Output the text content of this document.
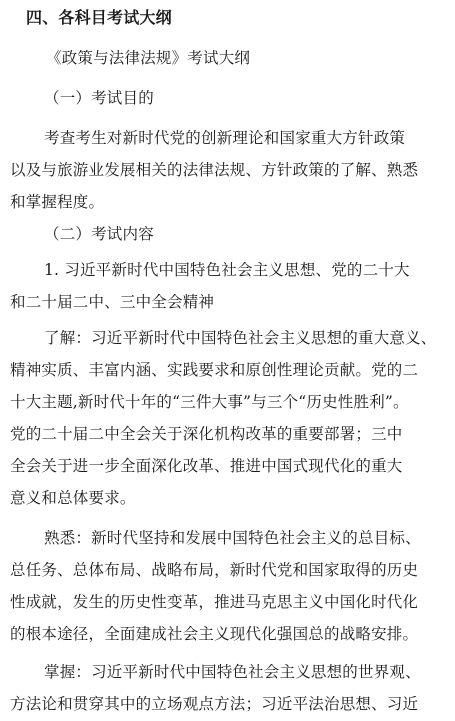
四、各科目考试大纲
《政策与法律法规》考试大纲
（一）考试目的
考查考生对新时代党的创新理论和国家重大方针政策
以及与旅游业发展相关的法律法规、方针政策的了解、熟悉
和掌握程度。
（二）考试内容
1. 习近平新时代中国特色社会主义思想、党的二十大
和二十届二中、三中全会精神
了解：习近平新时代中国特色社会主义思想的重大意义、
精神实质、丰富内涵、实践要求和原创性理论贡献。党的二
十大主题,新时代十年的“三件大事”与三个“历史性胜利”。
党的二十届二中全会关于深化机构改革的重要部署；三中
全会关于进一步全面深化改革、推进中国式现代化的重大
意义和总体要求。
熟悉：新时代坚持和发展中国特色社会主义的总目标、
总任务、总体布局、战略布局，新时代党和国家取得的历史
性成就，发生的历史性变革，推进马克思主义中国化时代化
的根本途径，全面建成社会主义现代化强国总的战略安排。
掌握：习近平新时代中国特色社会主义思想的世界观、
方法论和贯穿其中的立场观点方法；习近平法治思想、习近
